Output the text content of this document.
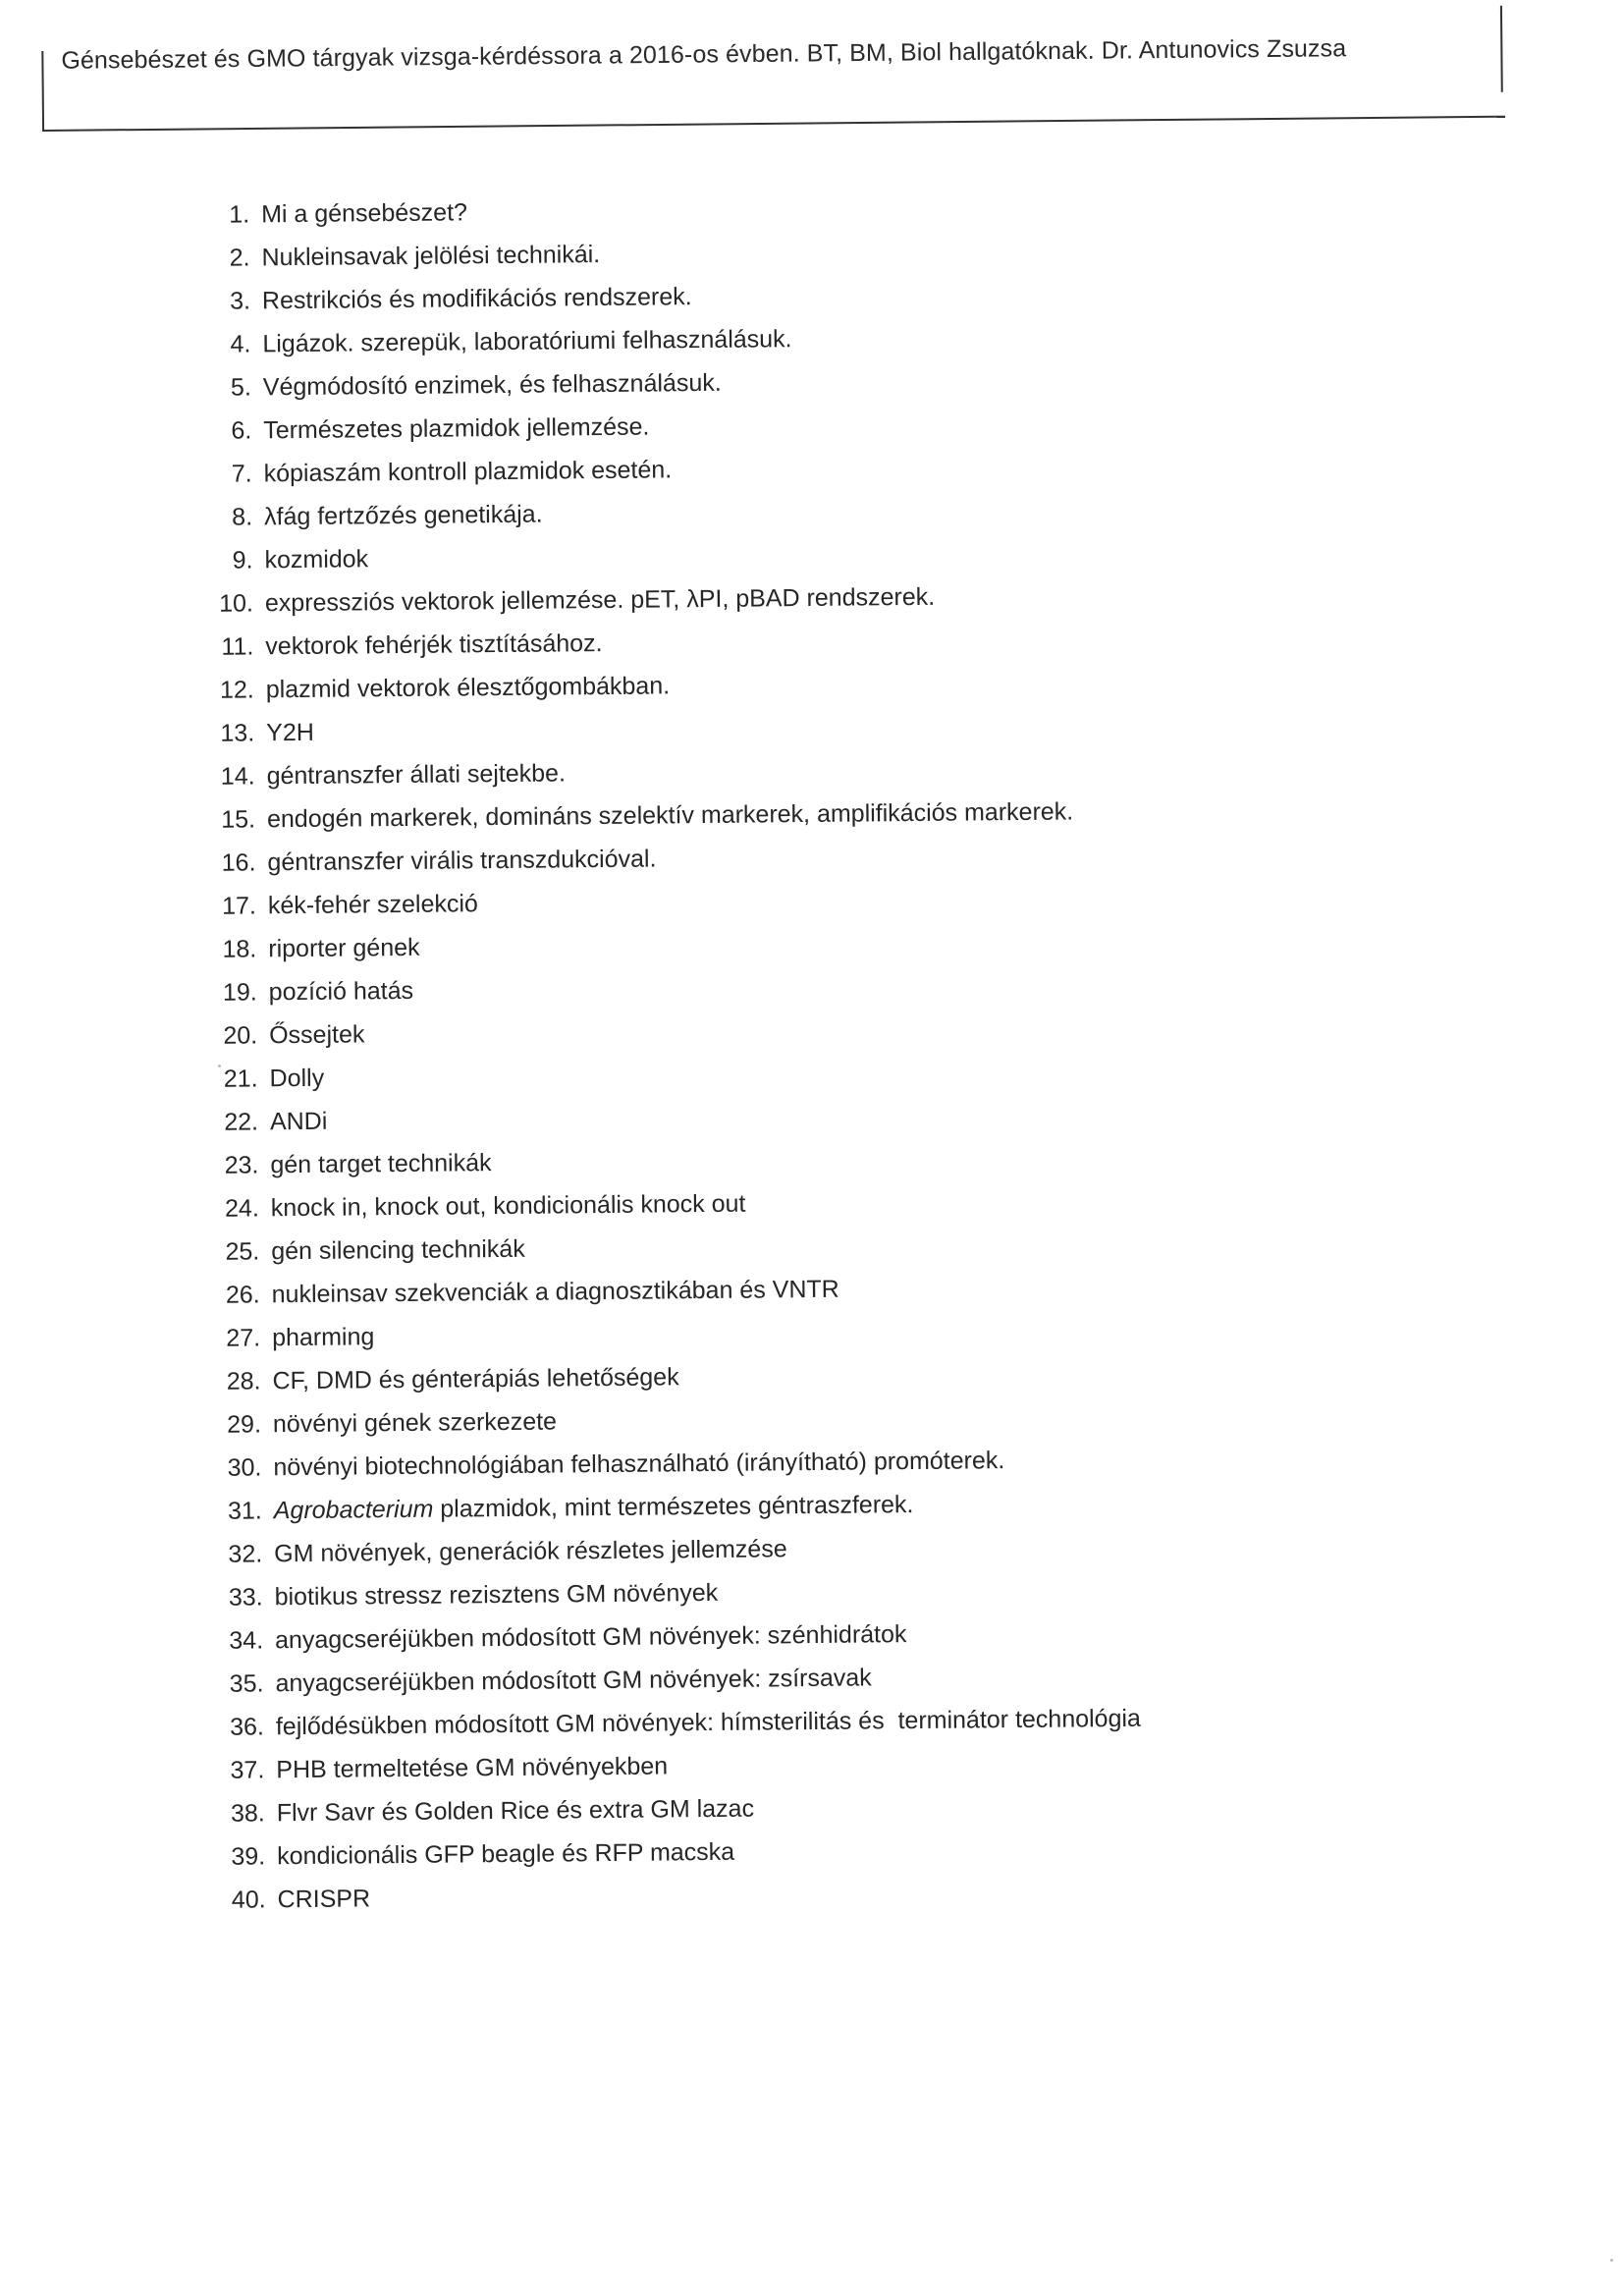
Génsebészet és GMO tárgyak vizsga-kérdéssora a 2016-os évben. BT, BM, Biol hallgatóknak. Dr. Antunovics Zsuzsa
1. Mi a génsebészet?
2. Nukleinsavak jelölési technikái.
3. Restrikciós és modifikációs rendszerek.
4. Ligázok. szerepük, laboratóriumi felhasználásuk.
5. Végmódosító enzimek, és felhasználásuk.
6. Természetes plazmidok jellemzése.
7. kópiaszám kontroll plazmidok esetén.
8. λfág fertzőzés genetikája.
9. kozmidok
10. expressziós vektorok jellemzése. pET, λPI, pBAD rendszerek.
11. vektorok fehérjék tisztításához.
12. plazmid vektorok élesztőgombákban.
13. Y2H
14. géntranszfer állati sejtekbe.
15. endogén markerek, domináns szelektív markerek, amplifikációs markerek.
16. géntranszfer virális transzdukcióval.
17. kék-fehér szelekció
18. riporter gének
19. pozíció hatás
20. Őssejtek
21. Dolly
22. ANDi
23. gén target technikák
24. knock in, knock out, kondicionális knock out
25. gén silencing technikák
26. nukleinsav szekvenciák a diagnosztikában és VNTR
27. pharming
28. CF, DMD és génterápiás lehetőségek
29. növényi gének szerkezete
30. növényi biotechnológiában felhasználható (irányítható) promóterek.
31. Agrobacterium plazmidok, mint természetes géntraszferek.
32. GM növények, generációk részletes jellemzése
33. biotikus stressz rezisztens GM növények
34. anyagcseréjükben módosított GM növények: szénhidrátok
35. anyagcseréjükben módosított GM növények: zsírsavak
36. fejlődésükben módosított GM növények: hímsterilitás és  terminátor technológia
37. PHB termeltetése GM növényekben
38. Flvr Savr és Golden Rice és extra GM lazac
39. kondicionális GFP beagle és RFP macska
40. CRISPR
